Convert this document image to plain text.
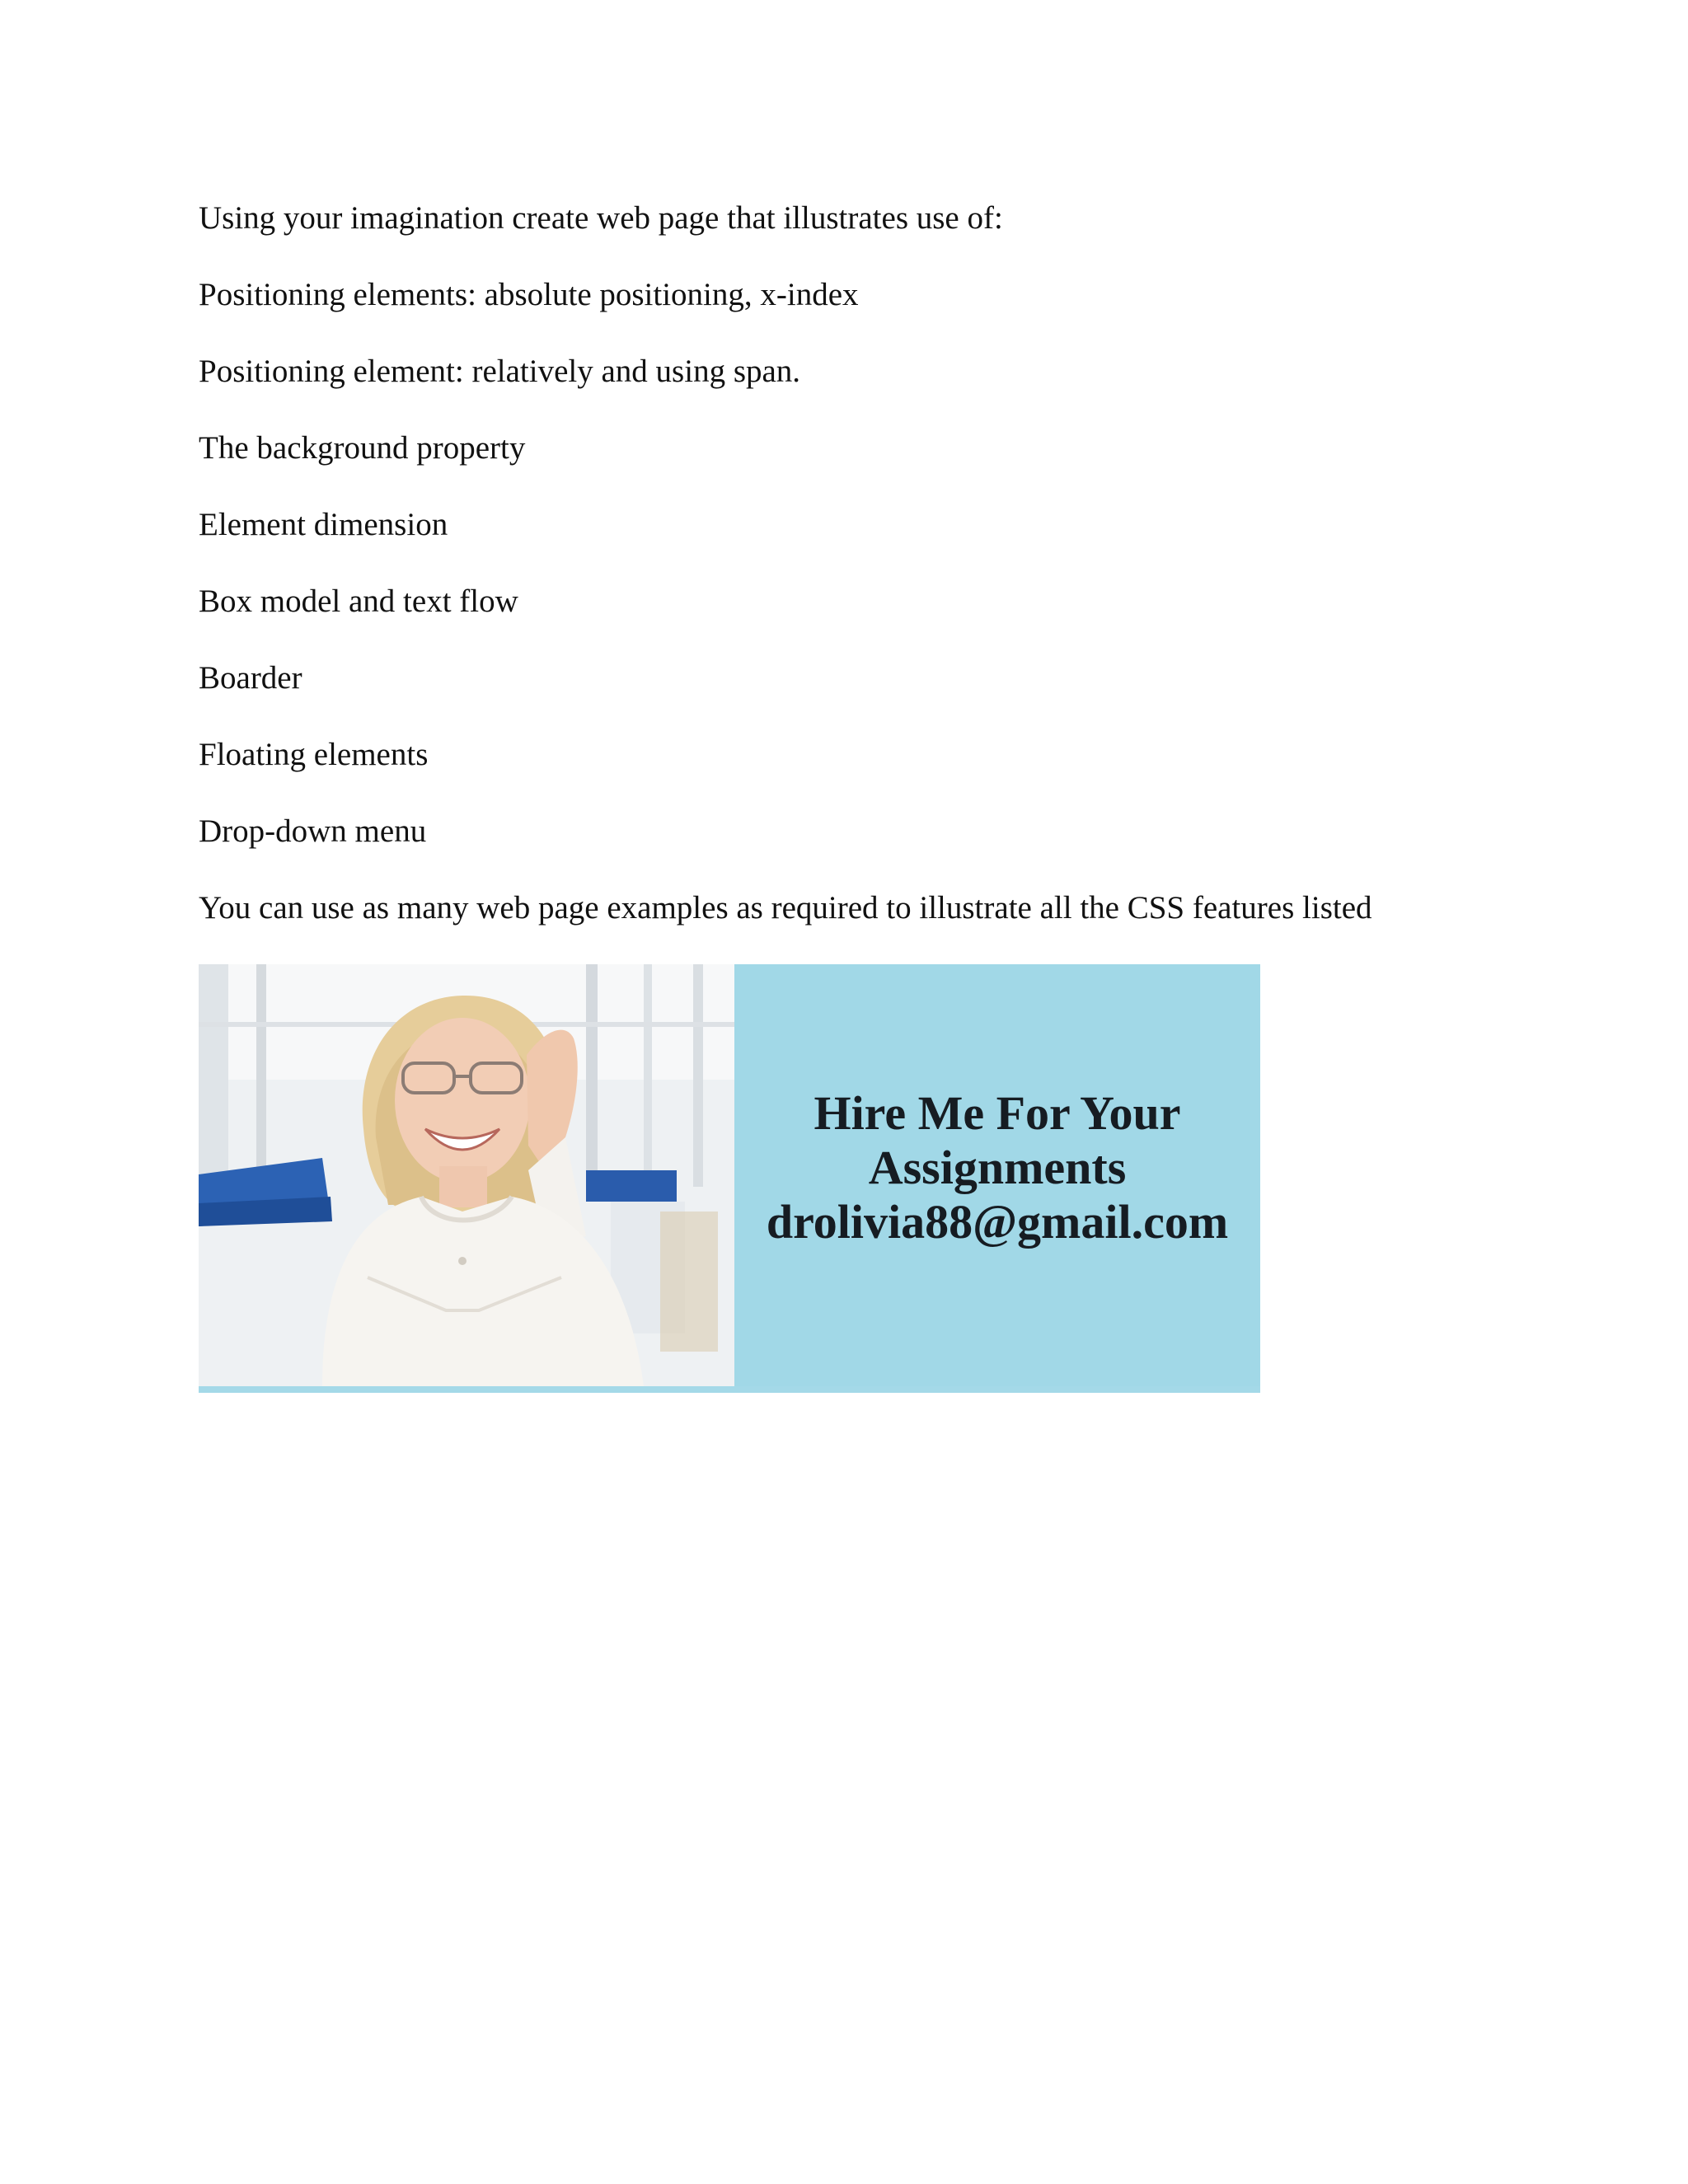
Using your imagination create web page that illustrates use of:
Positioning elements: absolute positioning, x-index
Positioning element: relatively and using span.
The background property
Element dimension
Box model and text flow
Boarder
Floating elements
Drop-down menu
You can use as many web page examples as required to illustrate all the CSS features listed
Hire Me For Your
Assignments
drolivia88@gmail.com
